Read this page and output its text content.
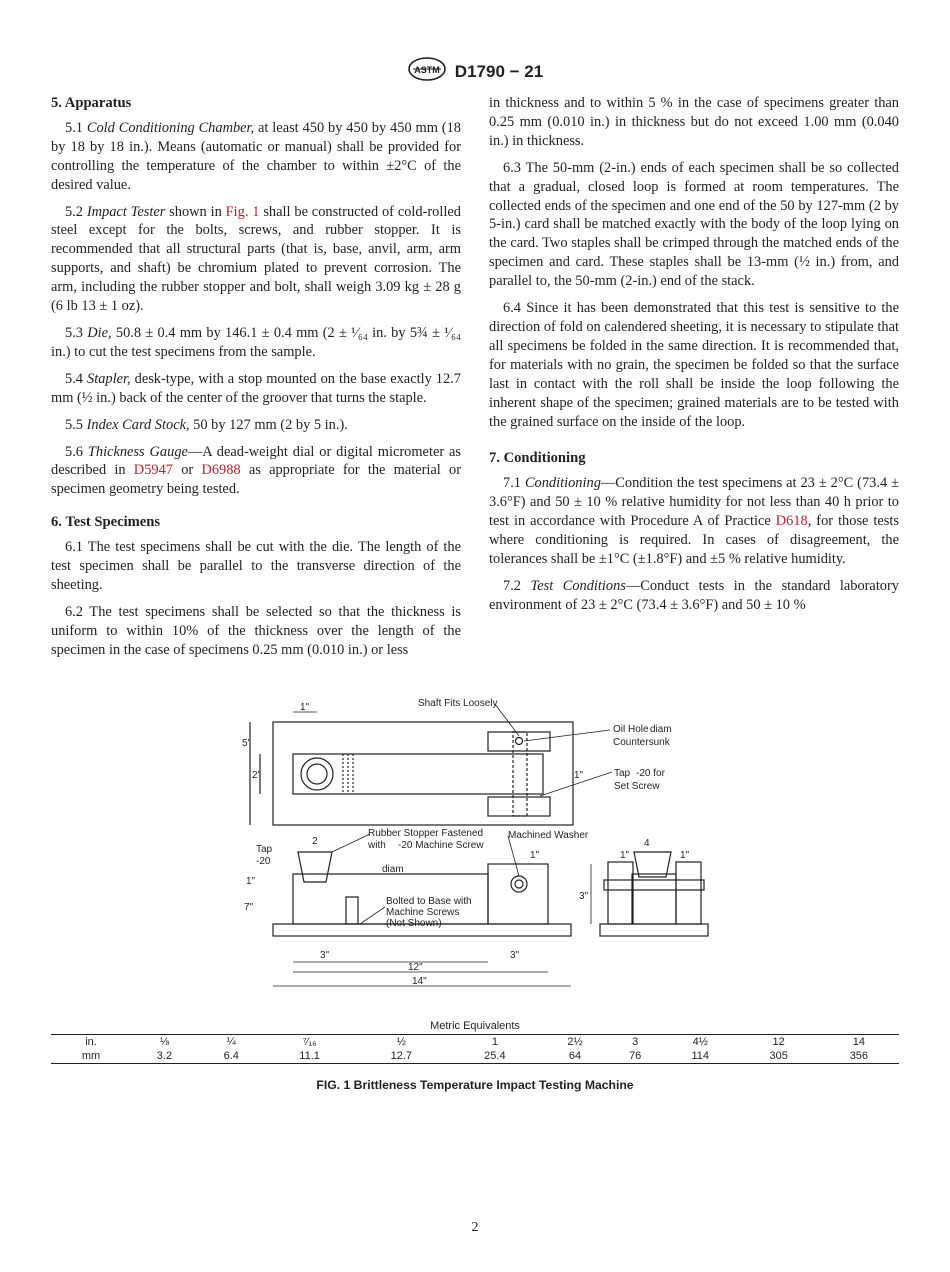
ASTM D1790 − 21
5. Apparatus

5.1 Cold Conditioning Chamber, at least 450 by 450 by 450 mm (18 by 18 by 18 in.). Means (automatic or manual) shall be provided for controlling the temperature of the chamber to within ±2°C of the desired value.

5.2 Impact Tester shown in Fig. 1 shall be constructed of cold-rolled steel except for the bolts, screws, and rubber stopper. It is recommended that all structural parts (that is, base, anvil, arm, arm supports, and shaft) be chromium plated to prevent corrosion. The arm, including the rubber stopper and bolt, shall weigh 3.09 kg ± 28 g (6 lb 13 ± 1 oz).

5.3 Die, 50.8 ± 0.4 mm by 146.1 ± 0.4 mm (2 ± ¹⁄₆₄ in. by 5¾ ± ¹⁄₆₄ in.) to cut the test specimens from the sample.

5.4 Stapler, desk-type, with a stop mounted on the base exactly 12.7 mm (½ in.) back of the center of the groover that turns the staple.

5.5 Index Card Stock, 50 by 127 mm (2 by 5 in.).

5.6 Thickness Gauge—A dead-weight dial or digital micrometer as described in D5947 or D6988 as appropriate for the material or specimen geometry being tested.

6. Test Specimens

6.1 The test specimens shall be cut with the die. The length of the test specimen shall be parallel to the transverse direction of the sheeting.

6.2 The test specimens shall be selected so that the thickness is uniform to within 10% of the thickness over the length of the specimen in the case of specimens 0.25 mm (0.010 in.) or less

in thickness and to within 5 % in the case of specimens greater than 0.25 mm (0.010 in.) in thickness but do not exceed 1.00 mm (0.040 in.) in thickness.

6.3 The 50-mm (2-in.) ends of each specimen shall be so collected that a gradual, closed loop is formed at room temperatures. The collected ends of the specimen and one end of the 50 by 127-mm (2 by 5-in.) card shall be matched exactly with the body of the loop lying on the card. Two staples shall be crimped through the matched ends of the specimen and card. These staples shall be 13-mm (½ in.) from, and parallel to, the 50-mm (2-in.) end of the stack.

6.4 Since it has been demonstrated that this test is sensitive to the direction of fold on calendered sheeting, it is necessary to stipulate that all specimens be folded in the same direction. It is recommended that, for materials with no grain, the specimen be folded so that the surface last in contact with the roll shall be inside the loop following the inherent shape of the specimen; grained materials are to be tested with the grained surface on the inside of the loop.

7. Conditioning

7.1 Conditioning—Condition the test specimens at 23 ± 2°C (73.4 ± 3.6°F) and 50 ± 10 % relative humidity for not less than 40 h prior to test in accordance with Procedure A of Practice D618, for those tests where conditioning is required. In cases of disagreement, the tolerances shall be ±1°C (±1.8°F) and ±5 % relative humidity.

7.2 Test Conditions—Conduct tests in the standard laboratory environment of 23 ± 2°C (73.4 ± 3.6°F) and 50 ± 10 %

Shaft Fits Loosely
Oil Hole diam
Countersunk
Tap -20 for
Set Screw
Rubber Stopper Fastened
with -20 Machine Screw
Machined Washer
Tap
-20
diam
Bolted to Base with
Machine Screws
(Not Shown)
1"
5"
2"
2
3"
3"	3"
12"
14"
4
1"
1"
1"
1"	1"
7"
Metric Equivalents
in.	⅛	¼	⁷⁄₁₆	½	1	2½	3	4½	12	14
mm	3.2	6.4	11.1	12.7	25.4	64	76	114	305	356
FIG. 1 Brittleness Temperature Impact Testing Machine
2
